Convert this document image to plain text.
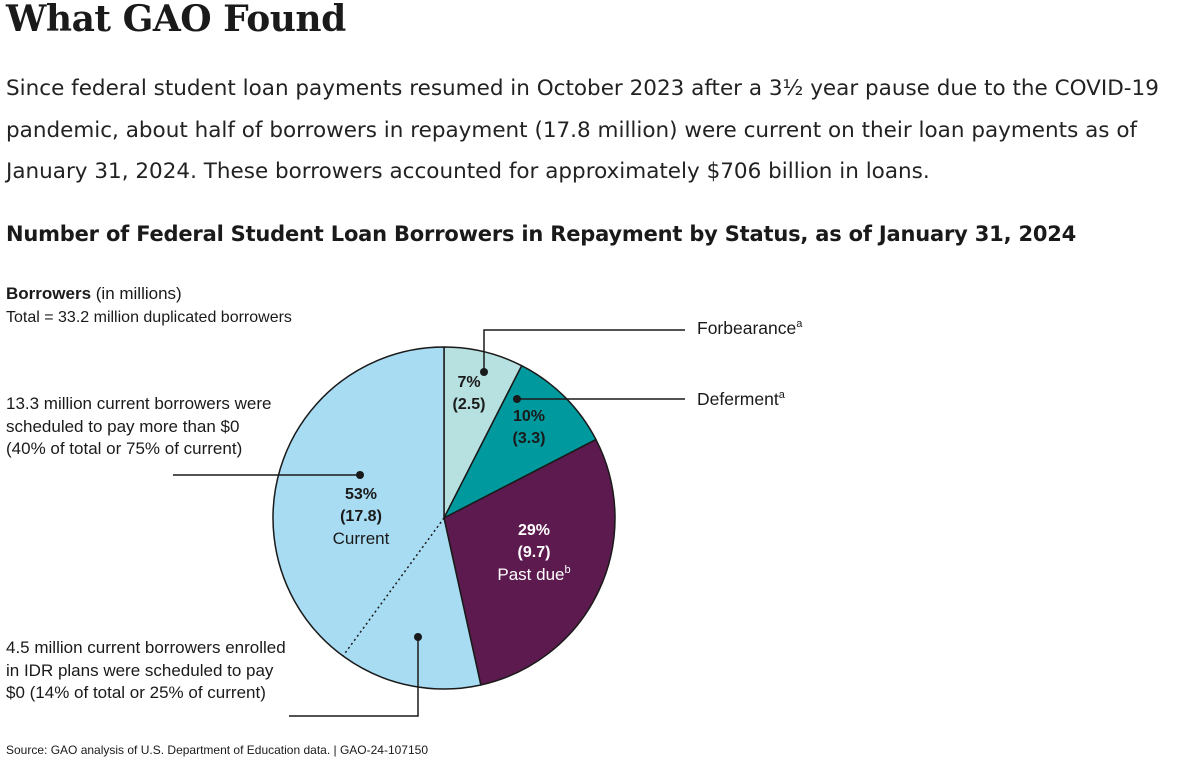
What GAO Found

Since federal student loan payments resumed in October 2023 after a 3½ year pause due to the COVID-19 pandemic, about half of borrowers in repayment (17.8 million) were current on their loan payments as of January 31, 2024. These borrowers accounted for approximately $706 billion in loans.

Number of Federal Student Loan Borrowers in Repayment by Status, as of January 31, 2024
Borrowers (in millions)
Total = 33.2 million duplicated borrowers
7%
(2.5)
10%
(3.3)
29%
(9.7)
Past due$^b$
53%
(17.8)
Current
Forbearance$^a$
Deferment$^a$
13.3 million current borrowers were scheduled to pay more than $0 (40% of total or 75% of current)
4.5 million current borrowers enrolled in IDR plans were scheduled to pay $0 (14% of total or 25% of current)
Source: GAO analysis of U.S. Department of Education data. | GAO-24-107150
